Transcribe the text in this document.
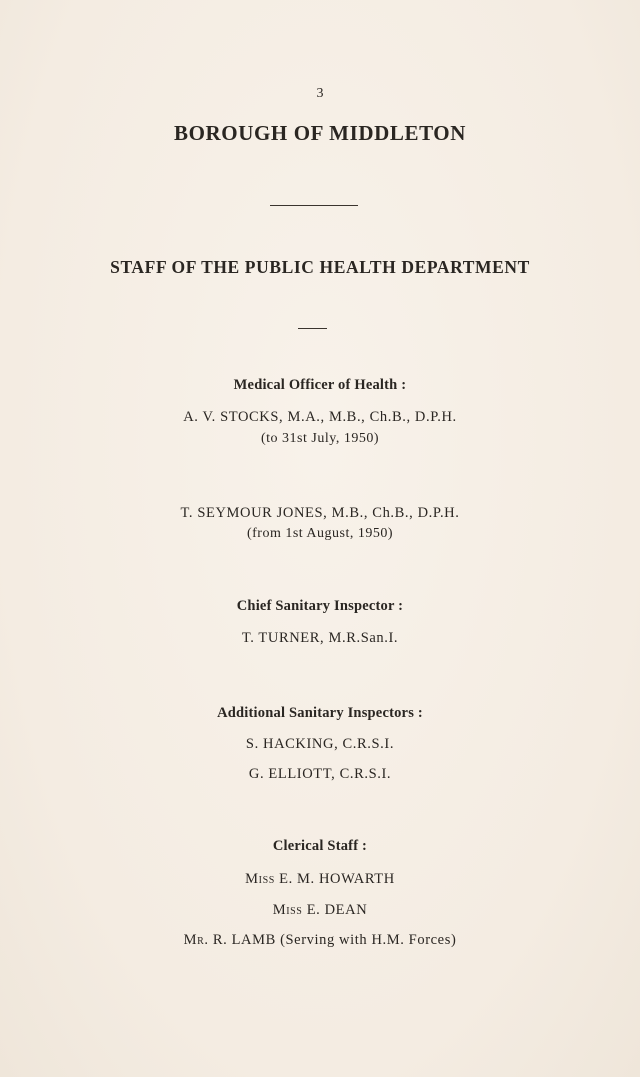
3
BOROUGH OF MIDDLETON
STAFF OF THE PUBLIC HEALTH DEPARTMENT
Medical Officer of Health :
A. V. STOCKS, M.A., M.B., Ch.B., D.P.H.
(to 31st July, 1950)
T. SEYMOUR JONES, M.B., Ch.B., D.P.H.
(from 1st August, 1950)
Chief Sanitary Inspector :
T. TURNER, M.R.San.I.
Additional Sanitary Inspectors :
S. HACKING, C.R.S.I.
G. ELLIOTT, C.R.S.I.
Clerical Staff :
Miss E. M. HOWARTH
Miss E. DEAN
Mr. R. LAMB (Serving with H.M. Forces)
